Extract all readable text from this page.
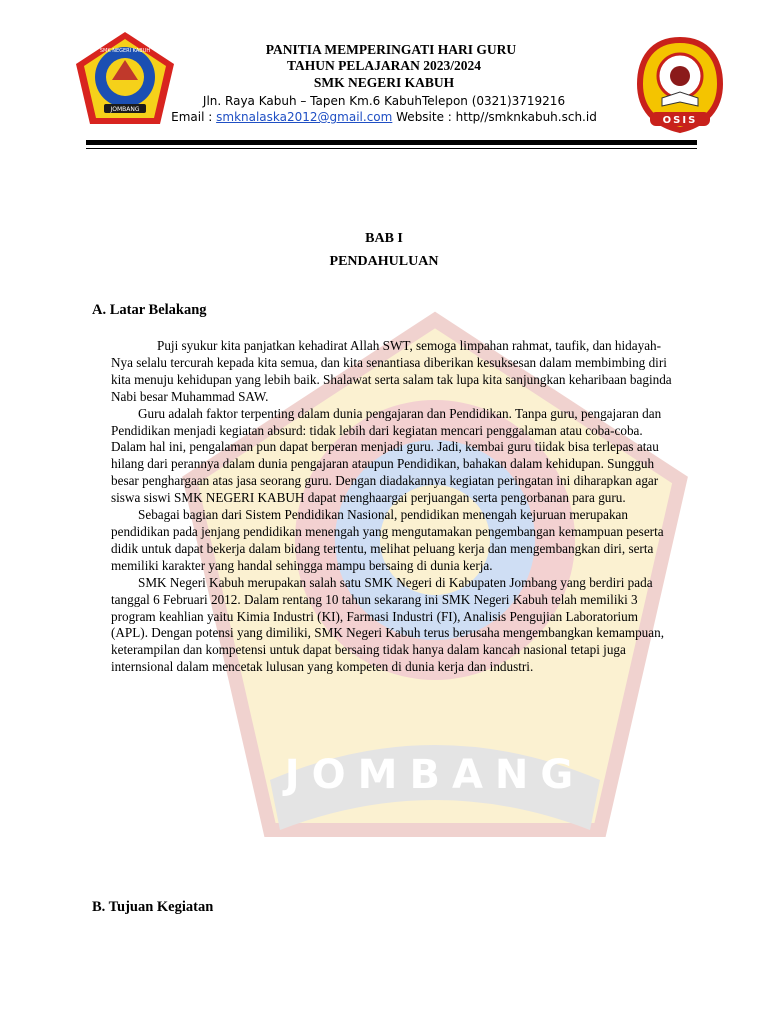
JOMBANG
JOMBANG
SMK NEGERI KABUH
OSIS
PANITIA MEMPERINGATI HARI GURU
TAHUN PELAJARAN 2023/2024
SMK NEGERI KABUH
Jln. Raya Kabuh – Tapen Km.6 KabuhTelepon (0321)3719216
Email : smknalaska2012@gmail.com Website : http//smknkabuh.sch.id
BAB I
PENDAHULUAN
A. Latar Belakang

Puji syukur kita panjatkan kehadirat Allah SWT, semoga limpahan rahmat, taufik, dan hidayah-Nya selalu tercurah kepada kita semua, dan kita senantiasa diberikan kesuksesan dalam membimbing diri kita menuju kehidupan yang lebih baik. Shalawat serta salam tak lupa kita sanjungkan keharibaan baginda Nabi besar Muhammad SAW.

Guru adalah faktor terpenting dalam dunia pengajaran dan Pendidikan. Tanpa guru, pengajaran dan Pendidikan menjadi kegiatan absurd: tidak lebih dari kegiatan mencari penggalaman atau coba-coba. Dalam hal ini, pengalaman pun dapat berperan menjadi guru. Jadi, kembai guru tiidak bisa terlepas atau hilang dari perannya dalam dunia pengajaran ataupun Pendidikan, bahakan dalam kehidupan. Sungguh besar penghargaan atas jasa seorang guru. Dengan diadakannya kegiatan peringatan ini diharapkan agar siswa siswi SMK NEGERI KABUH dapat menghaargai perjuangan serta pengorbanan para guru.

Sebagai bagian dari Sistem Pendidikan Nasional, pendidikan menengah kejuruan merupakan pendidikan pada jenjang pendidikan menengah yang mengutamakan pengembangan kemampuan peserta didik untuk dapat bekerja dalam bidang tertentu, melihat peluang kerja dan mengembangkan diri, serta memiliki karakter yang handal sehingga mampu bersaing di dunia kerja.

SMK Negeri Kabuh merupakan salah satu SMK Negeri di Kabupaten Jombang yang berdiri pada tanggal 6 Februari 2012. Dalam rentang 10 tahun sekarang ini SMK Negeri Kabuh telah memiliki 3 program keahlian yaitu Kimia Industri (KI), Farmasi Industri (FI), Analisis Pengujian Laboratorium (APL). Dengan potensi yang dimiliki, SMK Negeri Kabuh terus berusaha mengembangkan kemampuan, keterampilan dan kompetensi untuk dapat bersaing tidak hanya dalam kancah nasional tetapi juga internsional dalam mencetak lulusan yang kompeten di dunia kerja dan industri.

B. Tujuan Kegiatan
